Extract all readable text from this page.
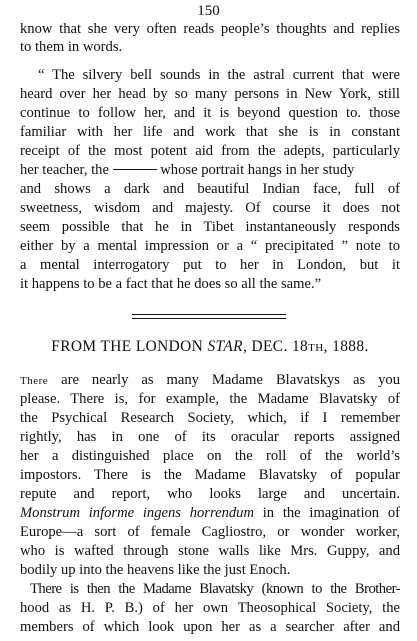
150
know that she very often reads people’s thoughts and replies
to them in words.
“ The silvery bell sounds in the astral current that were
heard over her head by so many persons in New York, still
continue to follow her, and it is beyond question to. those
familiar with her life and work that she is in constant
receipt of the most potent aid from the adepts, particularly
her teacher, the	whose portrait hangs in her study
and shows a dark and beautiful Indian face, full of
sweetness, wisdom and majesty. Of course it does not
seem possible that he in Tibet instantaneously responds
either by a mental impression or a “ precipitated ” note to
a mental interrogatory put to her in London, but it
it happens to be a fact that he does so all the same.”
FROM THE LONDON STAR, DEC. 18TH, 1888.
There are nearly as many Madame Blavatskys as you
please. There is, for example, the Madame Blavatsky of
the Psychical Research Society, which, if I remember
rightly, has in one of its oracular reports assigned
her a distinguished place on the roll of the world’s
impostors. There is the Madame Blavatsky of popular
repute and report, who looks large and uncertain.
Monstrum informe ingens horrendum in the imagination of
Europe—a sort of female Cagliostro, or wonder worker,
who is wafted through stone walls like Mrs. Guppy, and
bodily up into the heavens like the just Enoch.
There is then the Madame Blavatsky (known to the Brother-
hood as H. P. B.) of her own Theosophical Society, the
members of which look upon her as a searcher after and
